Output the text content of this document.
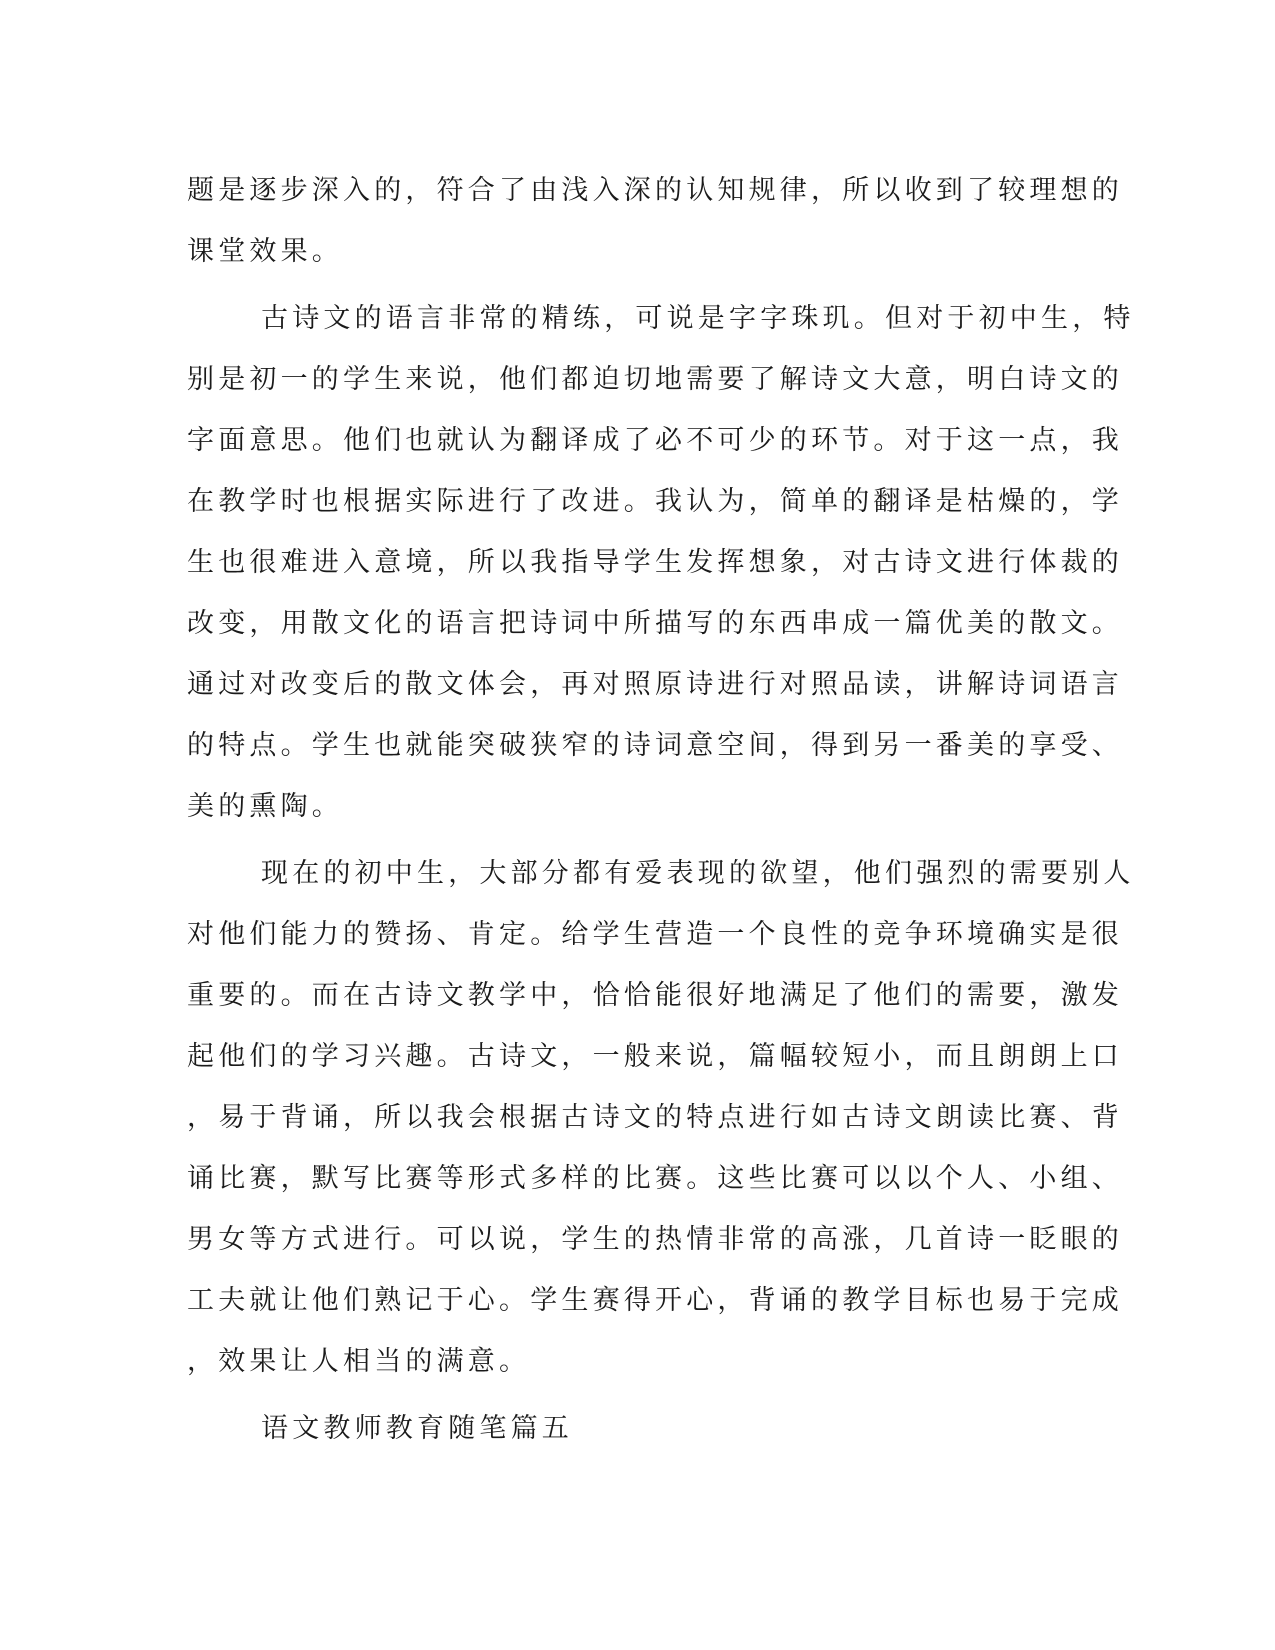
题是逐步深入的，符合了由浅入深的认知规律，所以收到了较理想的
课堂效果。
古诗文的语言非常的精练，可说是字字珠玑。但对于初中生，特
别是初一的学生来说，他们都迫切地需要了解诗文大意，明白诗文的
字面意思。他们也就认为翻译成了必不可少的环节。对于这一点，我
在教学时也根据实际进行了改进。我认为，简单的翻译是枯燥的，学
生也很难进入意境，所以我指导学生发挥想象，对古诗文进行体裁的
改变，用散文化的语言把诗词中所描写的东西串成一篇优美的散文。
通过对改变后的散文体会，再对照原诗进行对照品读，讲解诗词语言
的特点。学生也就能突破狭窄的诗词意空间，得到另一番美的享受、
美的熏陶。
现在的初中生，大部分都有爱表现的欲望，他们强烈的需要别人
对他们能力的赞扬、肯定。给学生营造一个良性的竞争环境确实是很
重要的。而在古诗文教学中，恰恰能很好地满足了他们的需要，激发
起他们的学习兴趣。古诗文，一般来说，篇幅较短小，而且朗朗上口
，易于背诵，所以我会根据古诗文的特点进行如古诗文朗读比赛、背
诵比赛，默写比赛等形式多样的比赛。这些比赛可以以个人、小组、
男女等方式进行。可以说，学生的热情非常的高涨，几首诗一眨眼的
工夫就让他们熟记于心。学生赛得开心，背诵的教学目标也易于完成
，效果让人相当的满意。
语文教师教育随笔篇五
